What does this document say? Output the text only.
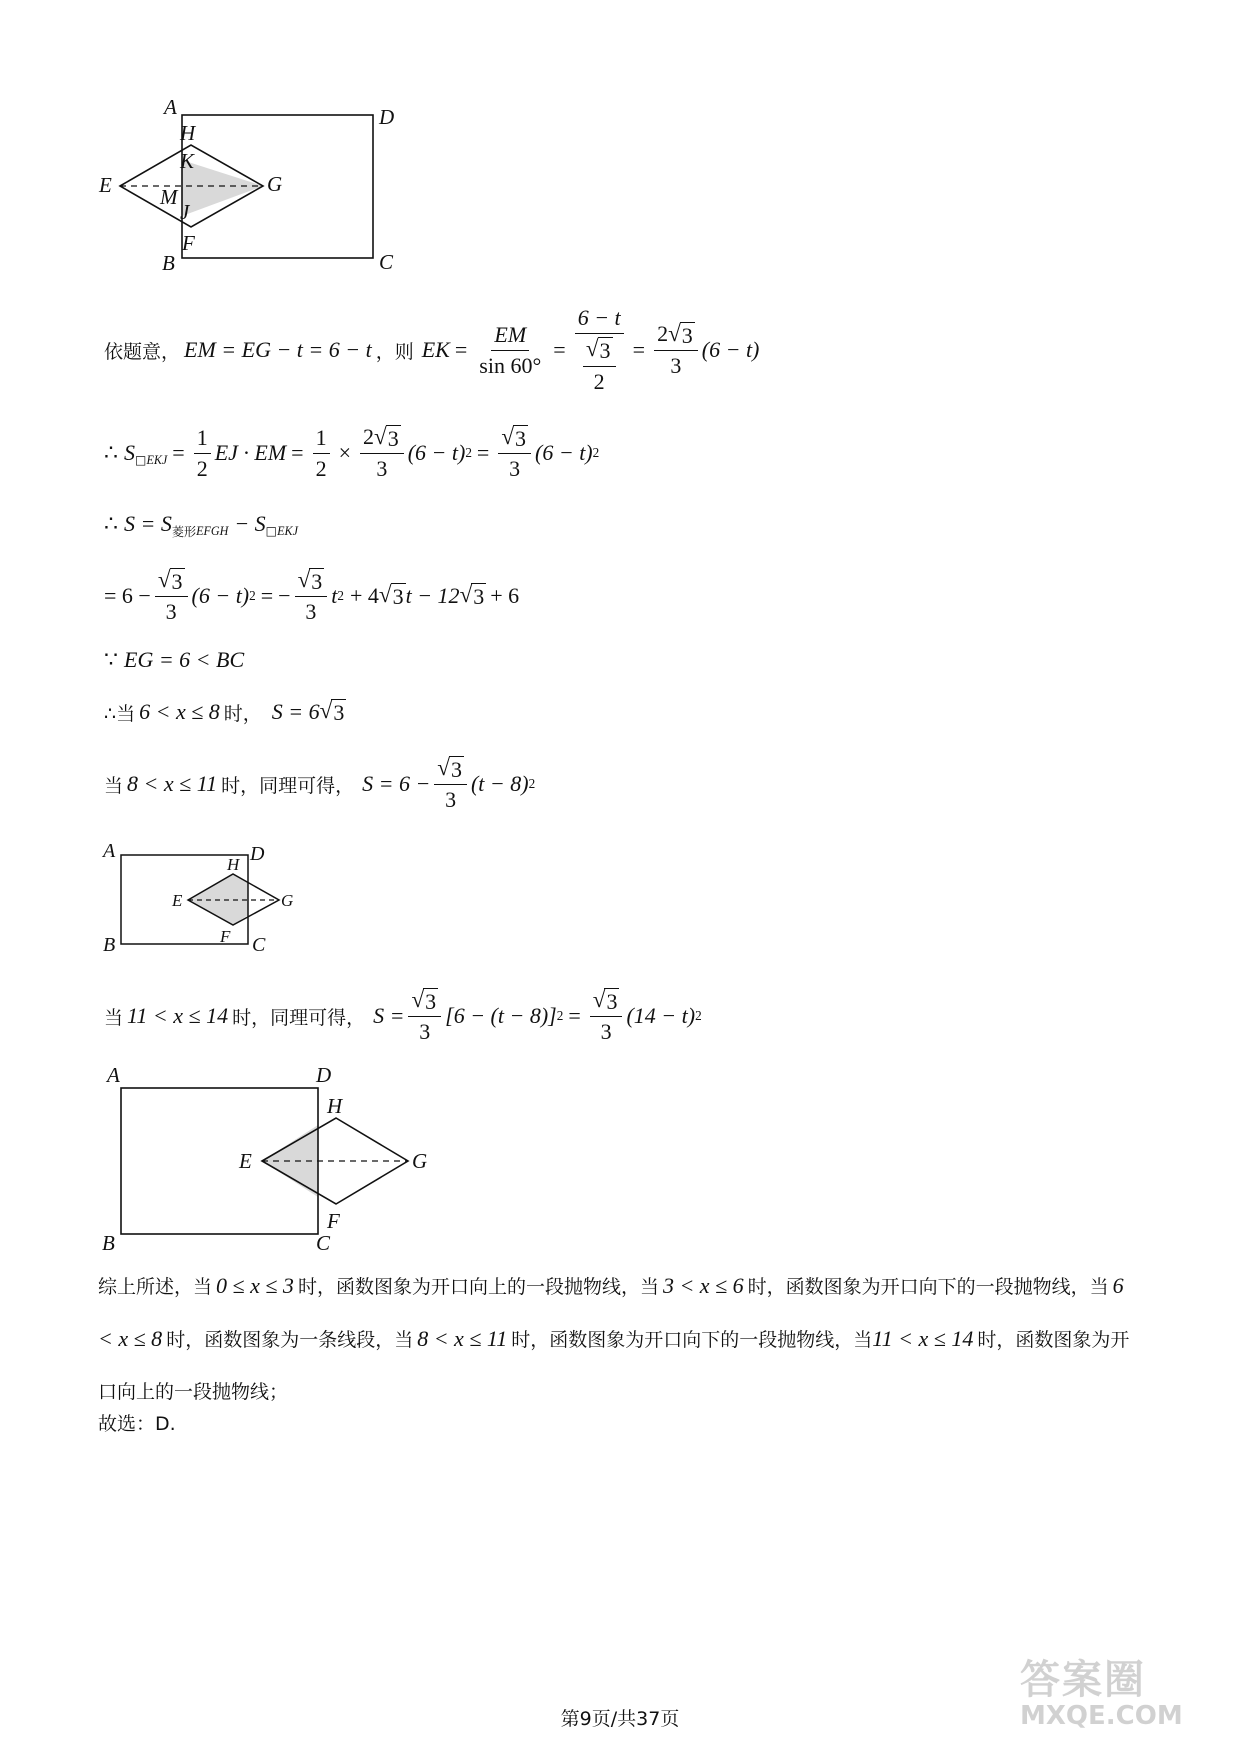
A	D
H
K
E	G
M
J
F
B	C
依题意， EM = EG − t = 6 − t ，则 EK = $\frac{EM}{\sin 60^\circ} = \frac{6 - t}{\frac{√ 3}{2}} = \frac{2 √ 3}{3} (6 - t)$
∴ S □ EKJ = $\frac{1}{2}$ EJ · EM = $\frac{1}{2} \times \frac{2 √ 3}{3} (6 - t) 2 = \frac{√ 3}{3} (6 - t)$ 2
∴ S = S 菱形 EFGH − S □ EKJ
= $6 - \frac{√ 3}{3} (6 - t) 2$ = − $\frac{√ 3}{3}$ t 2 + 4 √ 3 t − 12 √ 3 + 6
∵ EG = 6 < BC
∴当 6 < x ≤ 8 时， S = 6 √ 3
当 8 < x ≤ 11 时，同理可得， $S = 6 - \frac{√ 3}{3} (t - 8)$ 2
A	D
H
E	G
F
B	C
当 11 < x ≤ 14 时，同理可得， $S = \frac{√ 3}{3} [6 - (t - 8)] 2 = \frac{√ 3}{3} (14 - t)$ 2
A	D
H
E	G
F
B	C
综上所述，当 0 ≤ x ≤ 3 时，函数图象为开口向上的一段抛物线，当 3 < x ≤ 6 时，函数图象为开口向下的一段抛物线，当 6 < x ≤ 8 时，函数图象为一条线段，当 8 < x ≤ 11 时，函数图象为开口向下的一段抛物线，当11 < x ≤ 14 时，函数图象为开口向上的一段抛物线；
故选：D.
第9页/共37页
答案圈
MXQE.COM
